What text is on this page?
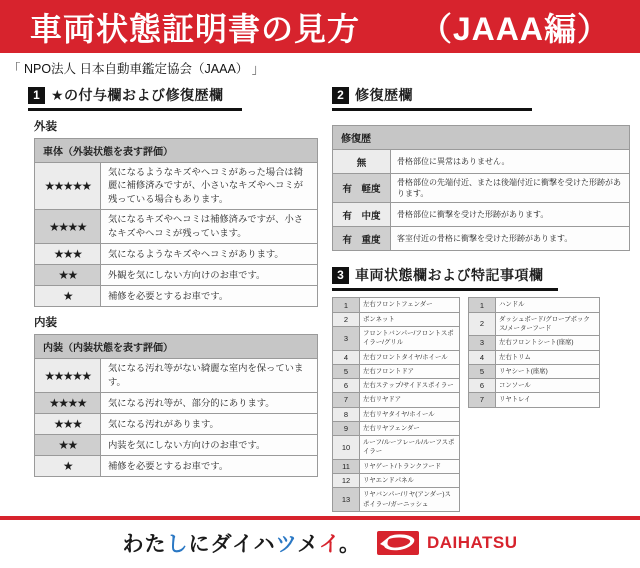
車両状態証明書の見方 （JAAA編）
「 NPO法人 日本自動車鑑定協会（JAAA） 」
1 ★の付与欄および修復歴欄
外装
車体（外装状態を表す評価）	
★★★★★	気になるようなキズやヘコミがあった場合は綺麗に補修済みですが、小さいなキズやヘコミが残っている場合もあります。
★★★★	気になるキズやヘコミは補修済みですが、小さなキズやヘコミが残っています。
★★★	気になるようなキズやヘコミがあります。
★★	外観を気にしない方向けのお車です。
★	補修を必要とするお車です。
内装
内装（内装状態を表す評価）	
★★★★★	気になる汚れ等がない綺麗な室内を保っています。
★★★★	気になる汚れ等が、部分的にあります。
★★★	気になる汚れがあります。
★★	内装を気にしない方向けのお車です。
★	補修を必要とするお車です。
2 修復歴欄
修復歴	
無	骨格部位に異常はありません。
有　軽度	骨格部位の先端付近、または後端付近に衝撃を受けた形跡があります。
有　中度	骨格部位に衝撃を受けた形跡があります。
有　重度	客室付近の骨格に衝撃を受けた形跡があります。
3 車両状態欄および特記事項欄
1	左右フロントフェンダー
2	ボンネット
3	フロントバンパー/フロントスポイラー/グリル
4	左右フロントタイヤ/ホイール
5	左右フロントドア
6	左右ステップ/サイドスポイラー
7	左右リヤドア
8	左右リヤタイヤ/ホイール
9	左右リヤフェンダー
10	ルーフ/ルーフレール/ルーフスポイラー
11	リヤゲート/トランクフード
12	リヤエンドパネル
13	リヤバンパー/リヤ(アンダー)スポイラー/ガーニッシュ
1	ハンドル
2	ダッシュボード/グローブボックス/メーターフード
3	左右フロントシート(座席)
4	左右トリム
5	リヤシート(座席)
6	コンソール
7	リヤトレイ
わたしにダイハツメイ。	DAIHATSU
